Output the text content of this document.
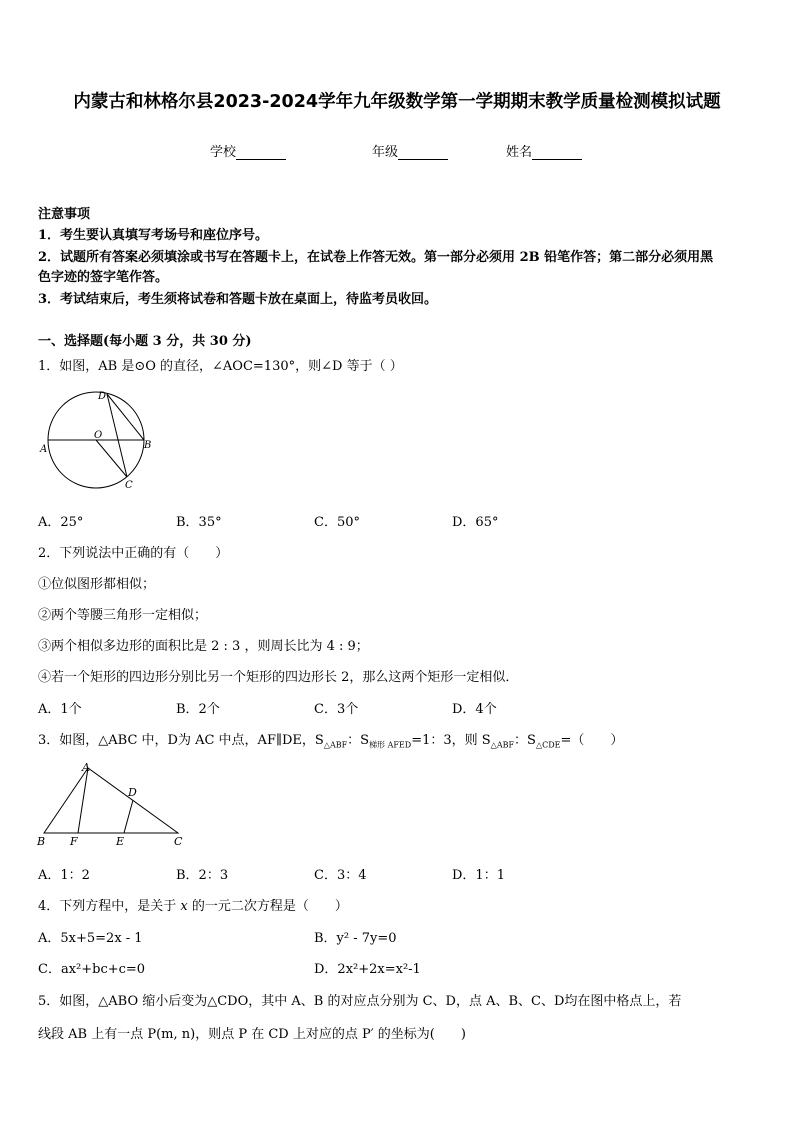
内蒙古和林格尔县2023-2024学年九年级数学第一学期期末教学质量检测模拟试题
学校	年级	姓名
注意事项
1．考生要认真填写考场号和座位序号。
2．试题所有答案必须填涂或书写在答题卡上，在试卷上作答无效。第一部分必须用 2B 铅笔作答；第二部分必须用黑
色字迹的签字笔作答。
3．考试结束后，考生须将试卷和答题卡放在桌面上，待监考员收回。
一、选择题(每小题 3 分，共 30 分)
1．如图，AB 是⊙O 的直径，∠AOC=130°，则∠D 等于（ ）
D
O
A	B
C
A．25°	B．35°	C．50°	D．65°
2．下列说法中正确的有（　　）
①位似图形都相似；
②两个等腰三角形一定相似；
③两个相似多边形的面积比是 2 : 3 ，则周长比为 4 : 9；
④若一个矩形的四边形分别比另一个矩形的四边形长 2，那么这两个矩形一定相似．
A．1个	B．2个	C．3个	D．4个
3．如图，△ABC 中，D为 AC 中点，AF∥DE，$S_{\triangle ABF}$：$S_{梯形 AFED}=1$：3，则 $S_{\triangle ABF}$：$S_{\triangle CDE}=$（　　）
A
D
B F	E	C
A．1：2	B．2：3	C．3：4	D．1：1
4．下列方程中，是关于 x 的一元二次方程是（　　）
A．5x+5=2x - 1	B．y² - 7y=0
C．ax²+bc+c=0	D．2x²+2x=x²-1
5．如图，△ABO 缩小后变为△CDO，其中 A、B 的对应点分别为 C、D，点 A、B、C、D均在图中格点上，若
线段 AB 上有一点 P(m, n)，则点 P 在 CD 上对应的点 P′ 的坐标为(　　)
